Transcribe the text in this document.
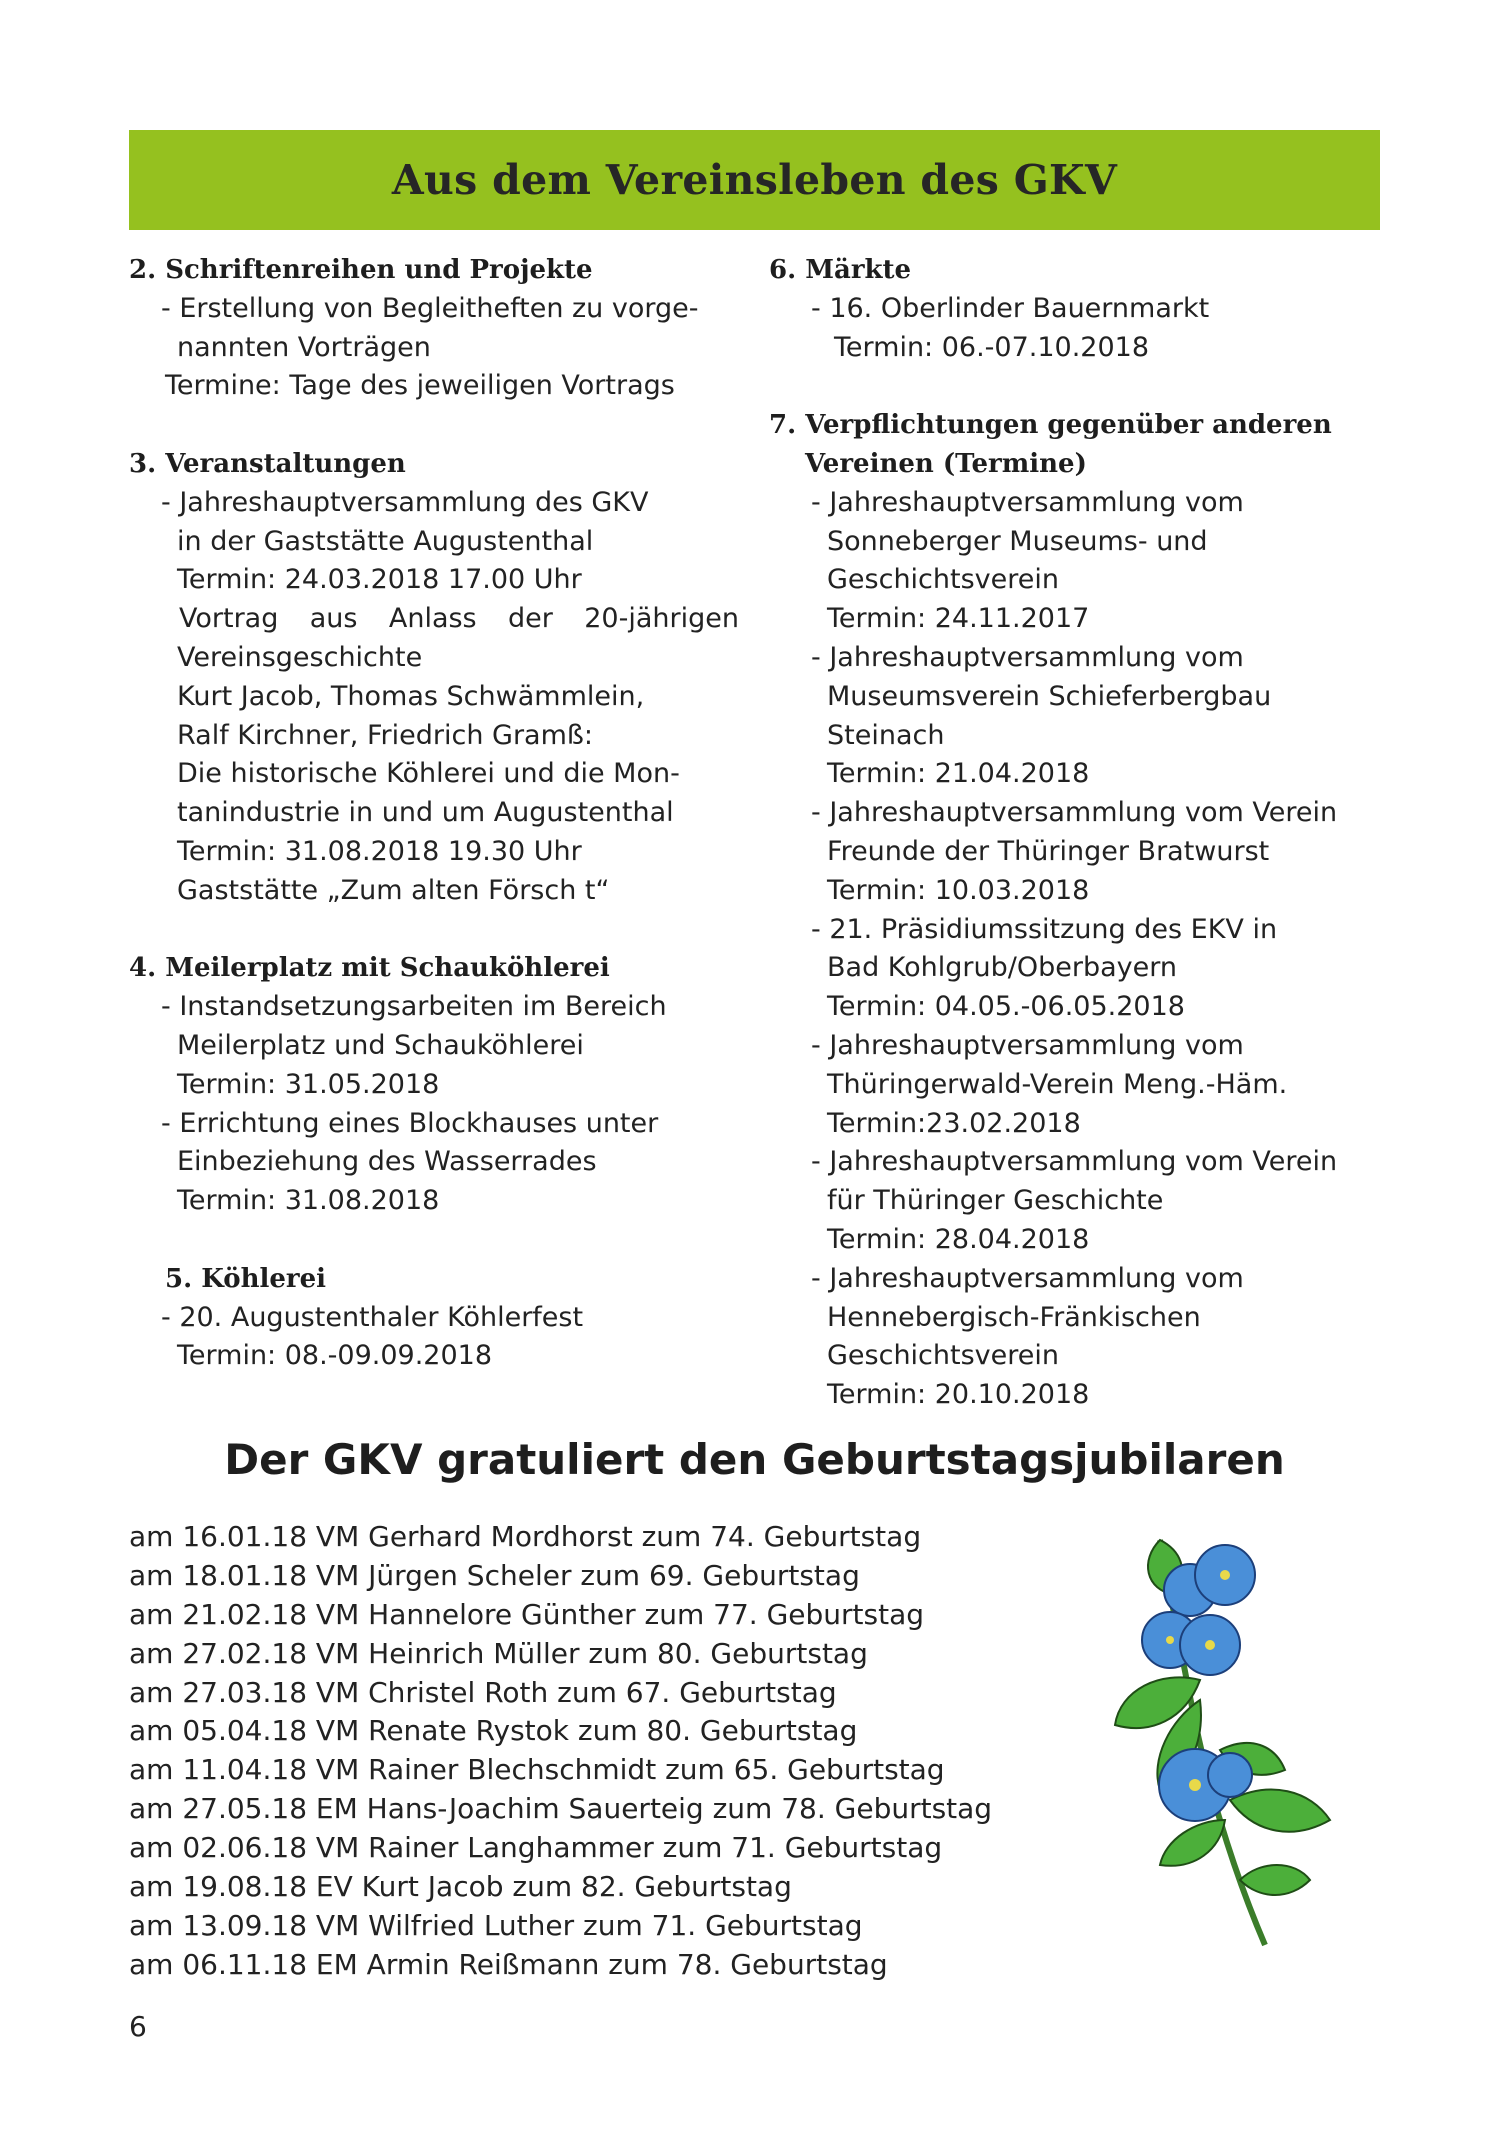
Aus dem Vereinsleben des GKV
2. Schriftenreihen und Projekte
- Erstellung von Begleitheften zu vorge-
nannten Vorträgen
Termine: Tage des jeweiligen Vortrags
3. Veranstaltungen
- Jahreshauptversammlung des GKV
in der Gaststätte Augustenthal
Termin: 24.03.2018 17.00 Uhr
Vortrag aus Anlass der 20-jährigen
Vereinsgeschichte
Kurt Jacob, Thomas Schwämmlein,
Ralf Kirchner, Friedrich Gramß:
Die historische Köhlerei und die Mon-
tanindustrie in und um Augustenthal
Termin: 31.08.2018 19.30 Uhr
Gaststätte „Zum alten Försch t“
4. Meilerplatz mit Schauköhlerei
- Instandsetzungsarbeiten im Bereich
Meilerplatz und Schauköhlerei
Termin: 31.05.2018
- Errichtung eines Blockhauses unter
Einbeziehung des Wasserrades
Termin: 31.08.2018
5. Köhlerei
- 20. Augustenthaler Köhlerfest
Termin: 08.-09.09.2018
6. Märkte
- 16. Oberlinder Bauernmarkt
Termin: 06.-07.10.2018
7. Verpflichtungen gegenüber anderen
Vereinen (Termine)
- Jahreshauptversammlung vom
Sonneberger Museums- und
Geschichtsverein
Termin: 24.11.2017
- Jahreshauptversammlung vom
Museumsverein Schieferbergbau
Steinach
Termin: 21.04.2018
- Jahreshauptversammlung vom Verein
Freunde der Thüringer Bratwurst
Termin: 10.03.2018
- 21. Präsidiumssitzung des EKV in
Bad Kohlgrub/Oberbayern
Termin: 04.05.-06.05.2018
- Jahreshauptversammlung vom
Thüringerwald-Verein Meng.-Häm.
Termin:23.02.2018
- Jahreshauptversammlung vom Verein
für Thüringer Geschichte
Termin: 28.04.2018
- Jahreshauptversammlung vom
Hennebergisch-Fränkischen
Geschichtsverein
Termin: 20.10.2018
Der GKV gratuliert den Geburtstagsjubilaren
am 16.01.18 VM Gerhard Mordhorst zum 74. Geburtstag
am 18.01.18 VM Jürgen Scheler zum 69. Geburtstag
am 21.02.18 VM Hannelore Günther zum 77. Geburtstag
am 27.02.18 VM Heinrich Müller zum 80. Geburtstag
am 27.03.18 VM Christel Roth zum 67. Geburtstag
am 05.04.18 VM Renate Rystok zum 80. Geburtstag
am 11.04.18 VM Rainer Blechschmidt zum 65. Geburtstag
am 27.05.18 EM Hans-Joachim Sauerteig zum 78. Geburtstag
am 02.06.18 VM Rainer Langhammer zum 71. Geburtstag
am 19.08.18 EV Kurt Jacob zum 82. Geburtstag
am 13.09.18 VM Wilfried Luther zum 71. Geburtstag
am 06.11.18 EM Armin Reißmann zum 78. Geburtstag
6
